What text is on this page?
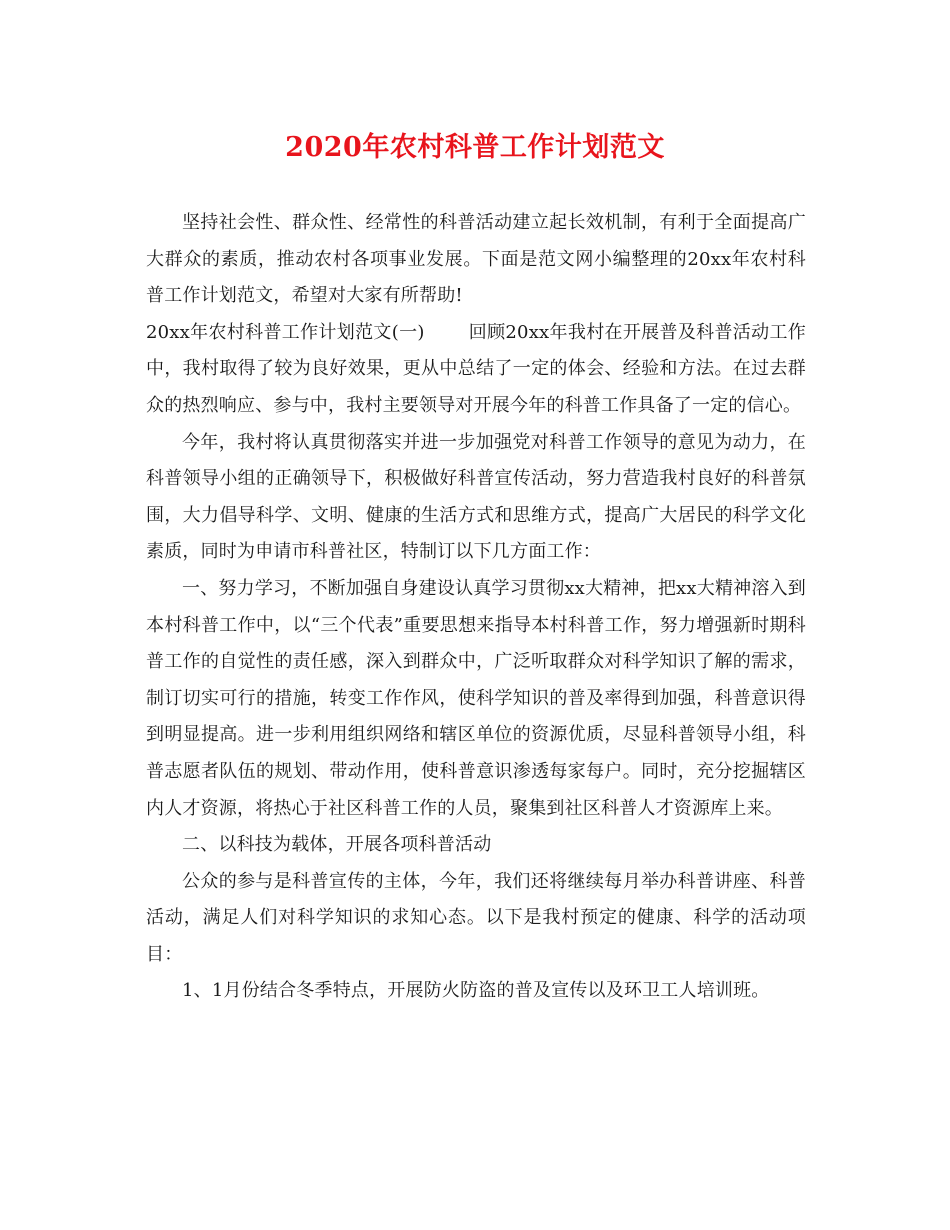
2020年农村科普工作计划范文

坚持社会性、群众性、经常性的科普活动建立起长效机制，有利于全面提高广大群众的素质，推动农村各项事业发展。下面是范文网小编整理的20xx年农村科普工作计划范文，希望对大家有所帮助!

20xx年农村科普工作计划范文(一) 回顾20xx年我村在开展普及科普活动工作中，我村取得了较为良好效果，更从中总结了一定的体会、经验和方法。在过去群众的热烈响应、参与中，我村主要领导对开展今年的科普工作具备了一定的信心。

今年，我村将认真贯彻落实并进一步加强党对科普工作领导的意见为动力，在科普领导小组的正确领导下，积极做好科普宣传活动，努力营造我村良好的科普氛围，大力倡导科学、文明、健康的生活方式和思维方式，提高广大居民的科学文化素质，同时为申请市科普社区，特制订以下几方面工作：

一、努力学习，不断加强自身建设认真学习贯彻xx大精神，把xx大精神溶入到本村科普工作中，以“三个代表”重要思想来指导本村科普工作，努力增强新时期科普工作的自觉性的责任感，深入到群众中，广泛听取群众对科学知识了解的需求，制订切实可行的措施，转变工作作风，使科学知识的普及率得到加强，科普意识得到明显提高。进一步利用组织网络和辖区单位的资源优质，尽显科普领导小组，科普志愿者队伍的规划、带动作用，使科普意识渗透每家每户。同时，充分挖掘辖区内人才资源，将热心于社区科普工作的人员，聚集到社区科普人才资源库上来。

二、以科技为载体，开展各项科普活动

公众的参与是科普宣传的主体，今年，我们还将继续每月举办科普讲座、科普活动，满足人们对科学知识的求知心态。以下是我村预定的健康、科学的活动项目：

1、1月份结合冬季特点，开展防火防盗的普及宣传以及环卫工人培训班。
